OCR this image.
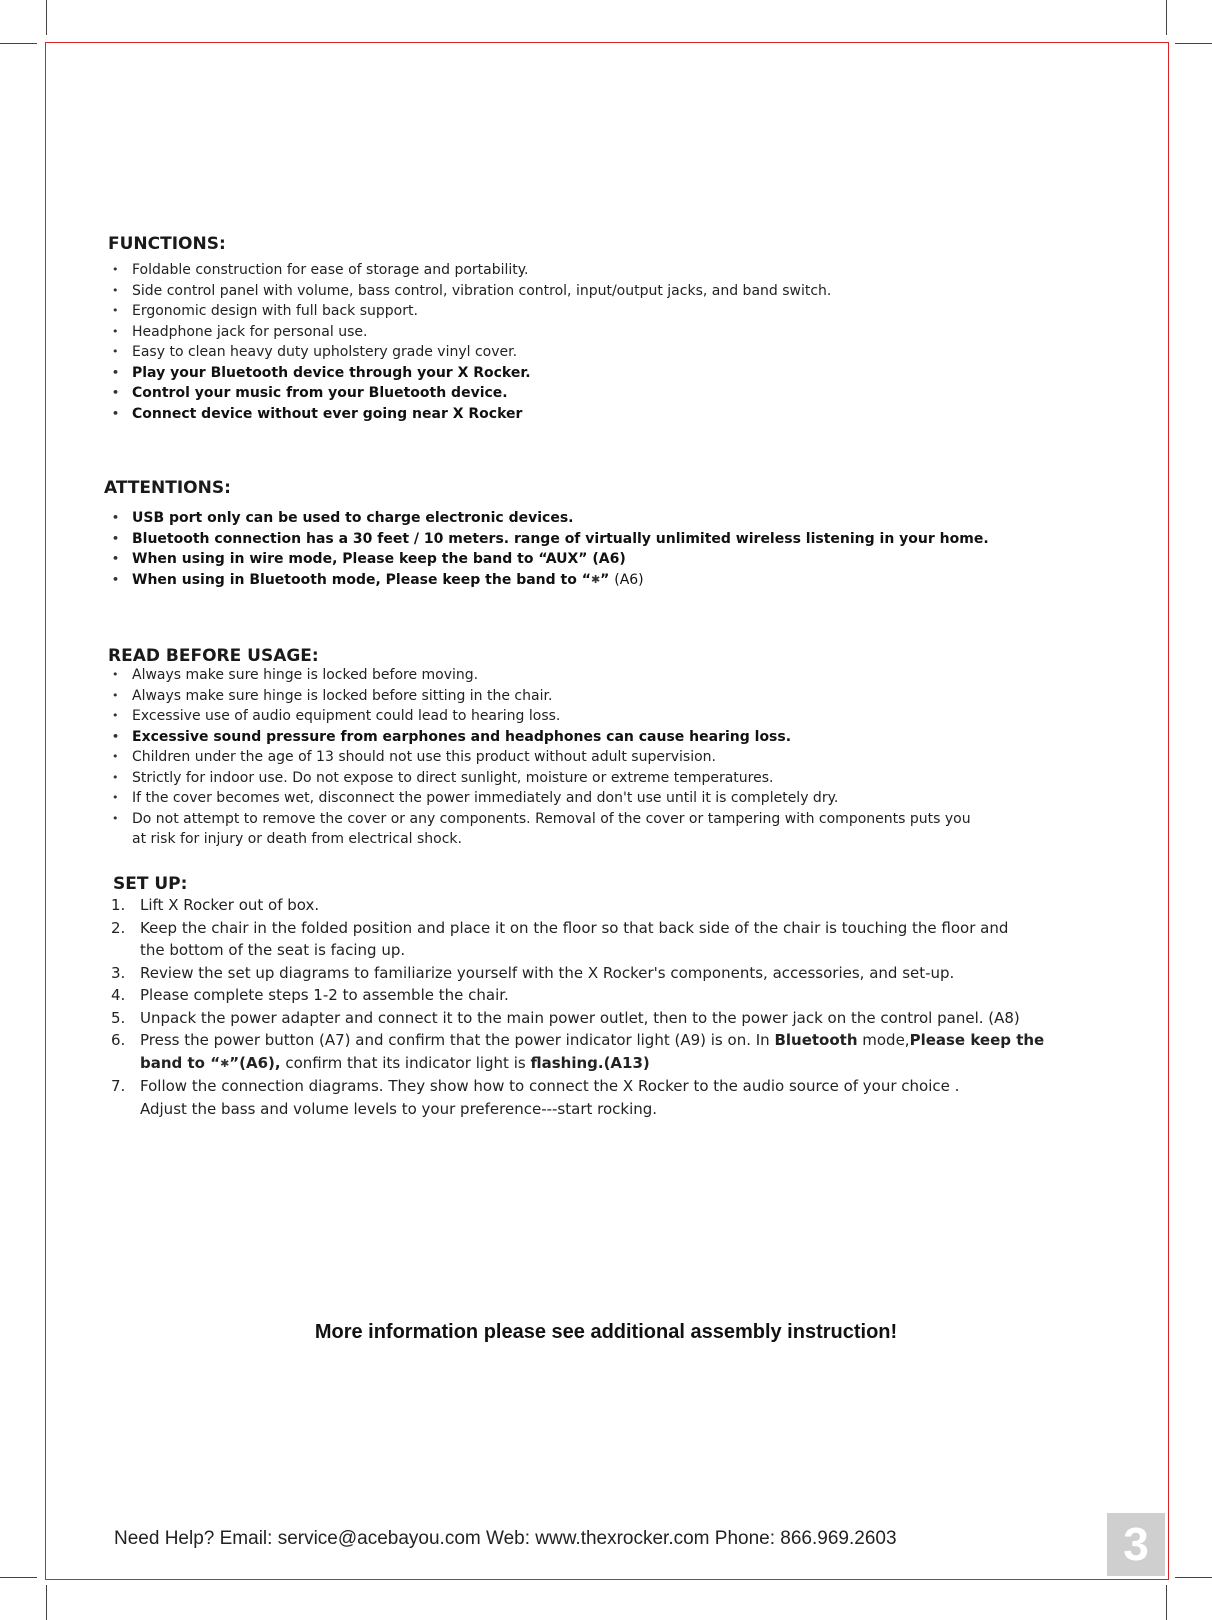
FUNCTIONS:
• Foldable construction for ease of storage and portability.
• Side control panel with volume, bass control, vibration control, input/output jacks, and band switch.
• Ergonomic design with full back support.
• Headphone jack for personal use.
• Easy to clean heavy duty upholstery grade vinyl cover.
• Play your Bluetooth device through your X Rocker.
• Control your music from your Bluetooth device.
• Connect device without ever going near X Rocker
ATTENTIONS:
• USB port only can be used to charge electronic devices.
• Bluetooth connection has a 30 feet / 10 meters. range of virtually unlimited wireless listening in your home.
• When using in wire mode, Please keep the band to “AUX” (A6)
• When using in Bluetooth mode, Please keep the band to “✱” (A6)
READ BEFORE USAGE:
• Always make sure hinge is locked before moving.
• Always make sure hinge is locked before sitting in the chair.
• Excessive use of audio equipment could lead to hearing loss.
• Excessive sound pressure from earphones and headphones can cause hearing loss.
• Children under the age of 13 should not use this product without adult supervision.
• Strictly for indoor use. Do not expose to direct sunlight, moisture or extreme temperatures.
• If the cover becomes wet, disconnect the power immediately and don't use until it is completely dry.
• Do not attempt to remove the cover or any components. Removal of the cover or tampering with components puts you
at risk for injury or death from electrical shock.
SET UP:
1. Lift X Rocker out of box.
2. Keep the chair in the folded position and place it on the floor so that back side of the chair is touching the floor and
the bottom of the seat is facing up.
3. Review the set up diagrams to familiarize yourself with the X Rocker's components, accessories, and set-up.
4. Please complete steps 1-2 to assemble the chair.
5. Unpack the power adapter and connect it to the main power outlet, then to the power jack on the control panel. (A8)
6. Press the power button (A7) and confirm that the power indicator light (A9) is on. In Bluetooth mode,Please keep the
band to “✱”(A6), confirm that its indicator light is flashing.(A13)
7. Follow the connection diagrams. They show how to connect the X Rocker to the audio source of your choice .
Adjust the bass and volume levels to your preference---start rocking.
More information please see additional assembly instruction!
Need Help? Email: service@acebayou.com Web: www.thexrocker.com Phone: 866.969.2603	3
